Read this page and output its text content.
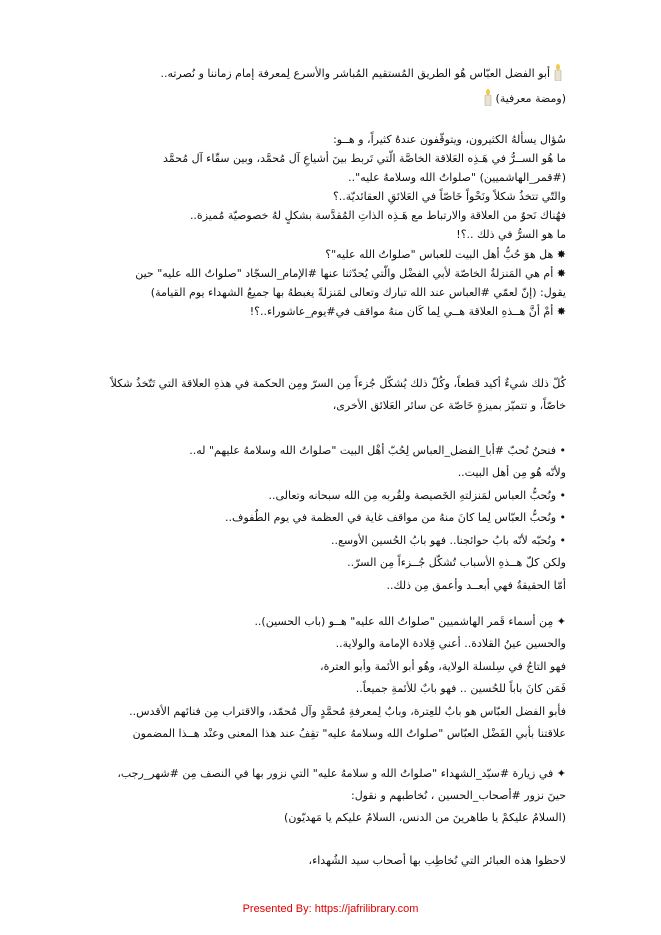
أبو الفضل العبّاس هُو الطريق المُستقيم المُباشر والأسرع لِمعرفة إمام زماننا و نُصرته..
(ومضة معرفية)
سُؤال يسألهُ الكثيرون، ويتوقّفون عندهُ كثيراً، و هــو:
ما هُو الســرُّ في هَـذِه العَلاقة الخاصَّة الّتي تَربط بينَ أشياعِ آل مُحمَّد، وبين سقّاء آل مُحمَّد
(#قمر_الهاشميين) "صلواتُ الله وسلامهُ عليه"..
والتّي تتخذُ شكلاً ونَحْواً خَاصّاً في العَلائقِ العقائديّة..؟
فهُناك نَحوٌ من العلاقة والارتباط مع هَـذِه الذاتِ المُقدَّسة بشكلٍ لهُ خصوصيّة مُميزة..
ما هو السرُّ في ذلك ..؟!
✸ هل هوَ حُبُّ أهل البيت للعباس "صلواتُ الله عليه"؟
✸ أم هي المَنزلةُ الخاصّة لأبي الفضْل والّتي يُحدّثنا عنها #الإمام_السجّاد "صلواتُ الله عليه" حين
يقول: (إنّ لعمّي #العباس عند الله تبارك وتعالى لمَنزلةً يغبطهُ بها جميعُ الشهداء يوم القيامة)
✸ أمْ أنَّ هــذهِ العلاقة هــي لِما كَان منهُ مواقف في#يوم_عاشوراء..؟!
كُلّ ذلك شيءٌ أكيد قطعاً، وكُلّ ذلك يُشكّل جُزءاً مِن السرّ ومِن الحكمة في هذهِ العلاقة التي تَتّخذُ شكلاً
خاصّاً، و تتميّز بميزةٍ خَاصّة عن سائر العَلائق الأخرى،
• فنحنُ نُحبّ #أبا_الفضل_العباس لِحُبّ أهْل البيت "صلواتُ الله وسلامهُ عليهم" له..
ولأنّه هُو مِن أهل البيت..
• ونُحبُّ العباس لمَنزلتهِ الخَصيصة ولقُربه مِن الله سبحانه وتعالى..
• ونُحبُّ العبّاس لِما كانَ منهُ من مواقف غاية في العظمة في يوم الطُفوف..
• ونُحبّه لأنّه بابُ حوائجنا.. فهو بابُ الحُسين الأوسع..
ولكن كلّ هــذهِ الأسباب تُشكّل جُــزءاً مِن السرّ..
أمّا الحقيقةُ فهي أبعــد وأعمق مِن ذلك..
✦ مِن أسماء قَمر الهاشميين "صلواتُ الله عليه" هــو (باب الحسين)..
والحسين عينُ القلادة.. أعني قِلادة الإمامة والولاية..
فهو التاجُ في سِلسلة الولاية، وهُو أبو الأئمة وأبو العترة،
فَمَن كانَ باباً للحُسين .. فهو بابٌ للأئمةِ جميعاً..
فأبو الفضل العبّاس هو بابٌ للعِترة، وبابٌ لِمعرفةِ مُحمَّدٍ وآل مُحمّد، والاقتراب مِن فنائهم الأقدس..
علاقتنا بأبي الفَضْل العبّاس "صلواتُ الله وسلامهُ عليه" تقِفُ عند هذا المعنى وعنْد هــذا المضمون
✦ في زيارة #سيّد_الشهداء "صلواتُ الله و سلامهُ عليه" التي نزور بها في النصف مِن #شهر_رجب،
حينَ نزور #أصحاب_الحسين ، نُخاطبهم و نقول:
(السلامُ عليكمْ يا طاهرينَ من الدنس، السلامُ عليكم يا مَهديّون)
لاحظوا هذه العبائر التي نُخاطِب بها أصحاب سيد الشُهداء،
Presented By: https://jafrilibrary.com
